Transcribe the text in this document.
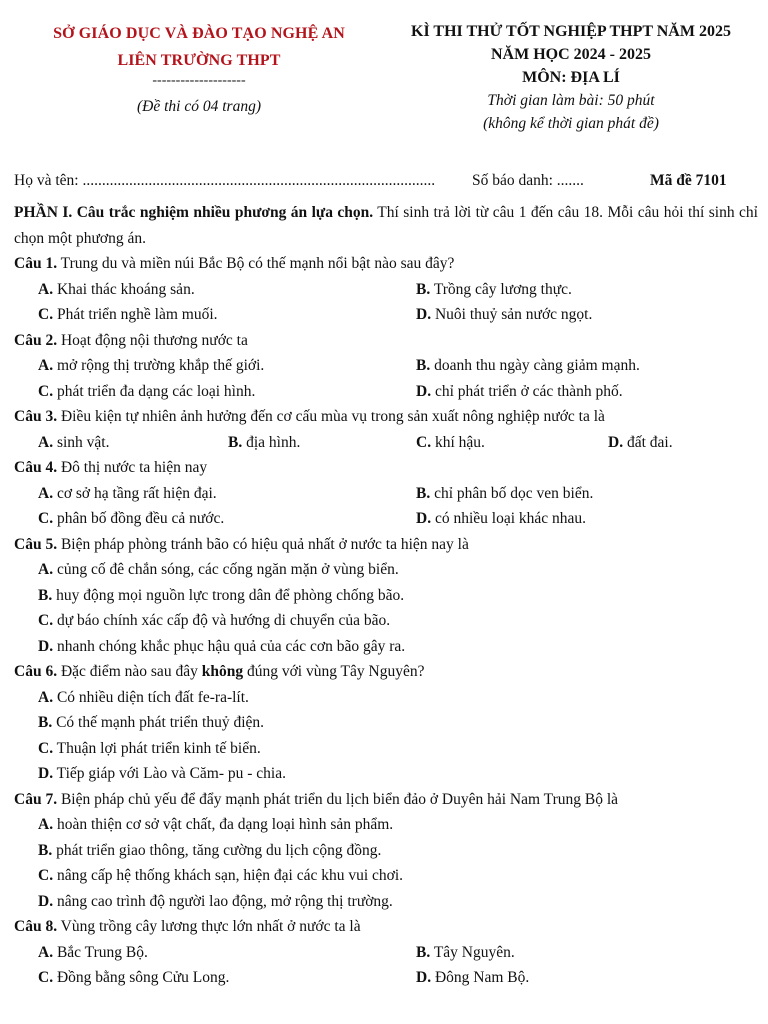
SỞ GIÁO DỤC VÀ ĐÀO TẠO NGHỆ AN
LIÊN TRƯỜNG THPT
--------------------
(Đề thi có 04 trang)
KÌ THI THỬ TỐT NGHIỆP THPT NĂM 2025
NĂM HỌC 2024 - 2025
MÔN: ĐỊA LÍ
Thời gian làm bài: 50 phút
(không kể thời gian phát đề)
Họ và tên: ........................................................................................... Số báo danh: .......	Mã đề 7101
PHẦN I. Câu trắc nghiệm nhiều phương án lựa chọn. Thí sinh trả lời từ câu 1 đến câu 18. Mỗi câu hỏi thí sinh chỉ chọn một phương án.
Câu 1. Trung du và miền núi Bắc Bộ có thế mạnh nổi bật nào sau đây?
A. Khai thác khoáng sản.	B. Trồng cây lương thực.
C. Phát triển nghề làm muối.	D. Nuôi thuỷ sản nước ngọt.
Câu 2. Hoạt động nội thương nước ta
A. mở rộng thị trường khắp thế giới.	B. doanh thu ngày càng giảm mạnh.
C. phát triển đa dạng các loại hình.	D. chỉ phát triển ở các thành phố.
Câu 3. Điều kiện tự nhiên ảnh hưởng đến cơ cấu mùa vụ trong sản xuất nông nghiệp nước ta là
A. sinh vật.	B. địa hình.	C. khí hậu.	D. đất đai.
Câu 4. Đô thị nước ta hiện nay
A. cơ sở hạ tầng rất hiện đại.	B. chỉ phân bố dọc ven biển.
C. phân bố đồng đều cả nước.	D. có nhiều loại khác nhau.
Câu 5. Biện pháp phòng tránh bão có hiệu quả nhất ở nước ta hiện nay là
A. củng cố đê chắn sóng, các cống ngăn mặn ở vùng biển.
B. huy động mọi nguồn lực trong dân để phòng chống bão.
C. dự báo chính xác cấp độ và hướng di chuyển của bão.
D. nhanh chóng khắc phục hậu quả của các cơn bão gây ra.
Câu 6. Đặc điểm nào sau đây không đúng với vùng Tây Nguyên?
A. Có nhiều diện tích đất fe-ra-lít.
B. Có thế mạnh phát triển thuỷ điện.
C. Thuận lợi phát triển kinh tế biển.
D. Tiếp giáp với Lào và Căm- pu - chia.
Câu 7. Biện pháp chủ yếu để đẩy mạnh phát triển du lịch biển đảo ở Duyên hải Nam Trung Bộ là
A. hoàn thiện cơ sở vật chất, đa dạng loại hình sản phẩm.
B. phát triển giao thông, tăng cường du lịch cộng đồng.
C. nâng cấp hệ thống khách sạn, hiện đại các khu vui chơi.
D. nâng cao trình độ người lao động, mở rộng thị trường.
Câu 8. Vùng trồng cây lương thực lớn nhất ở nước ta là
A. Bắc Trung Bộ.	B. Tây Nguyên.
C. Đồng bằng sông Cửu Long.	D. Đông Nam Bộ.
